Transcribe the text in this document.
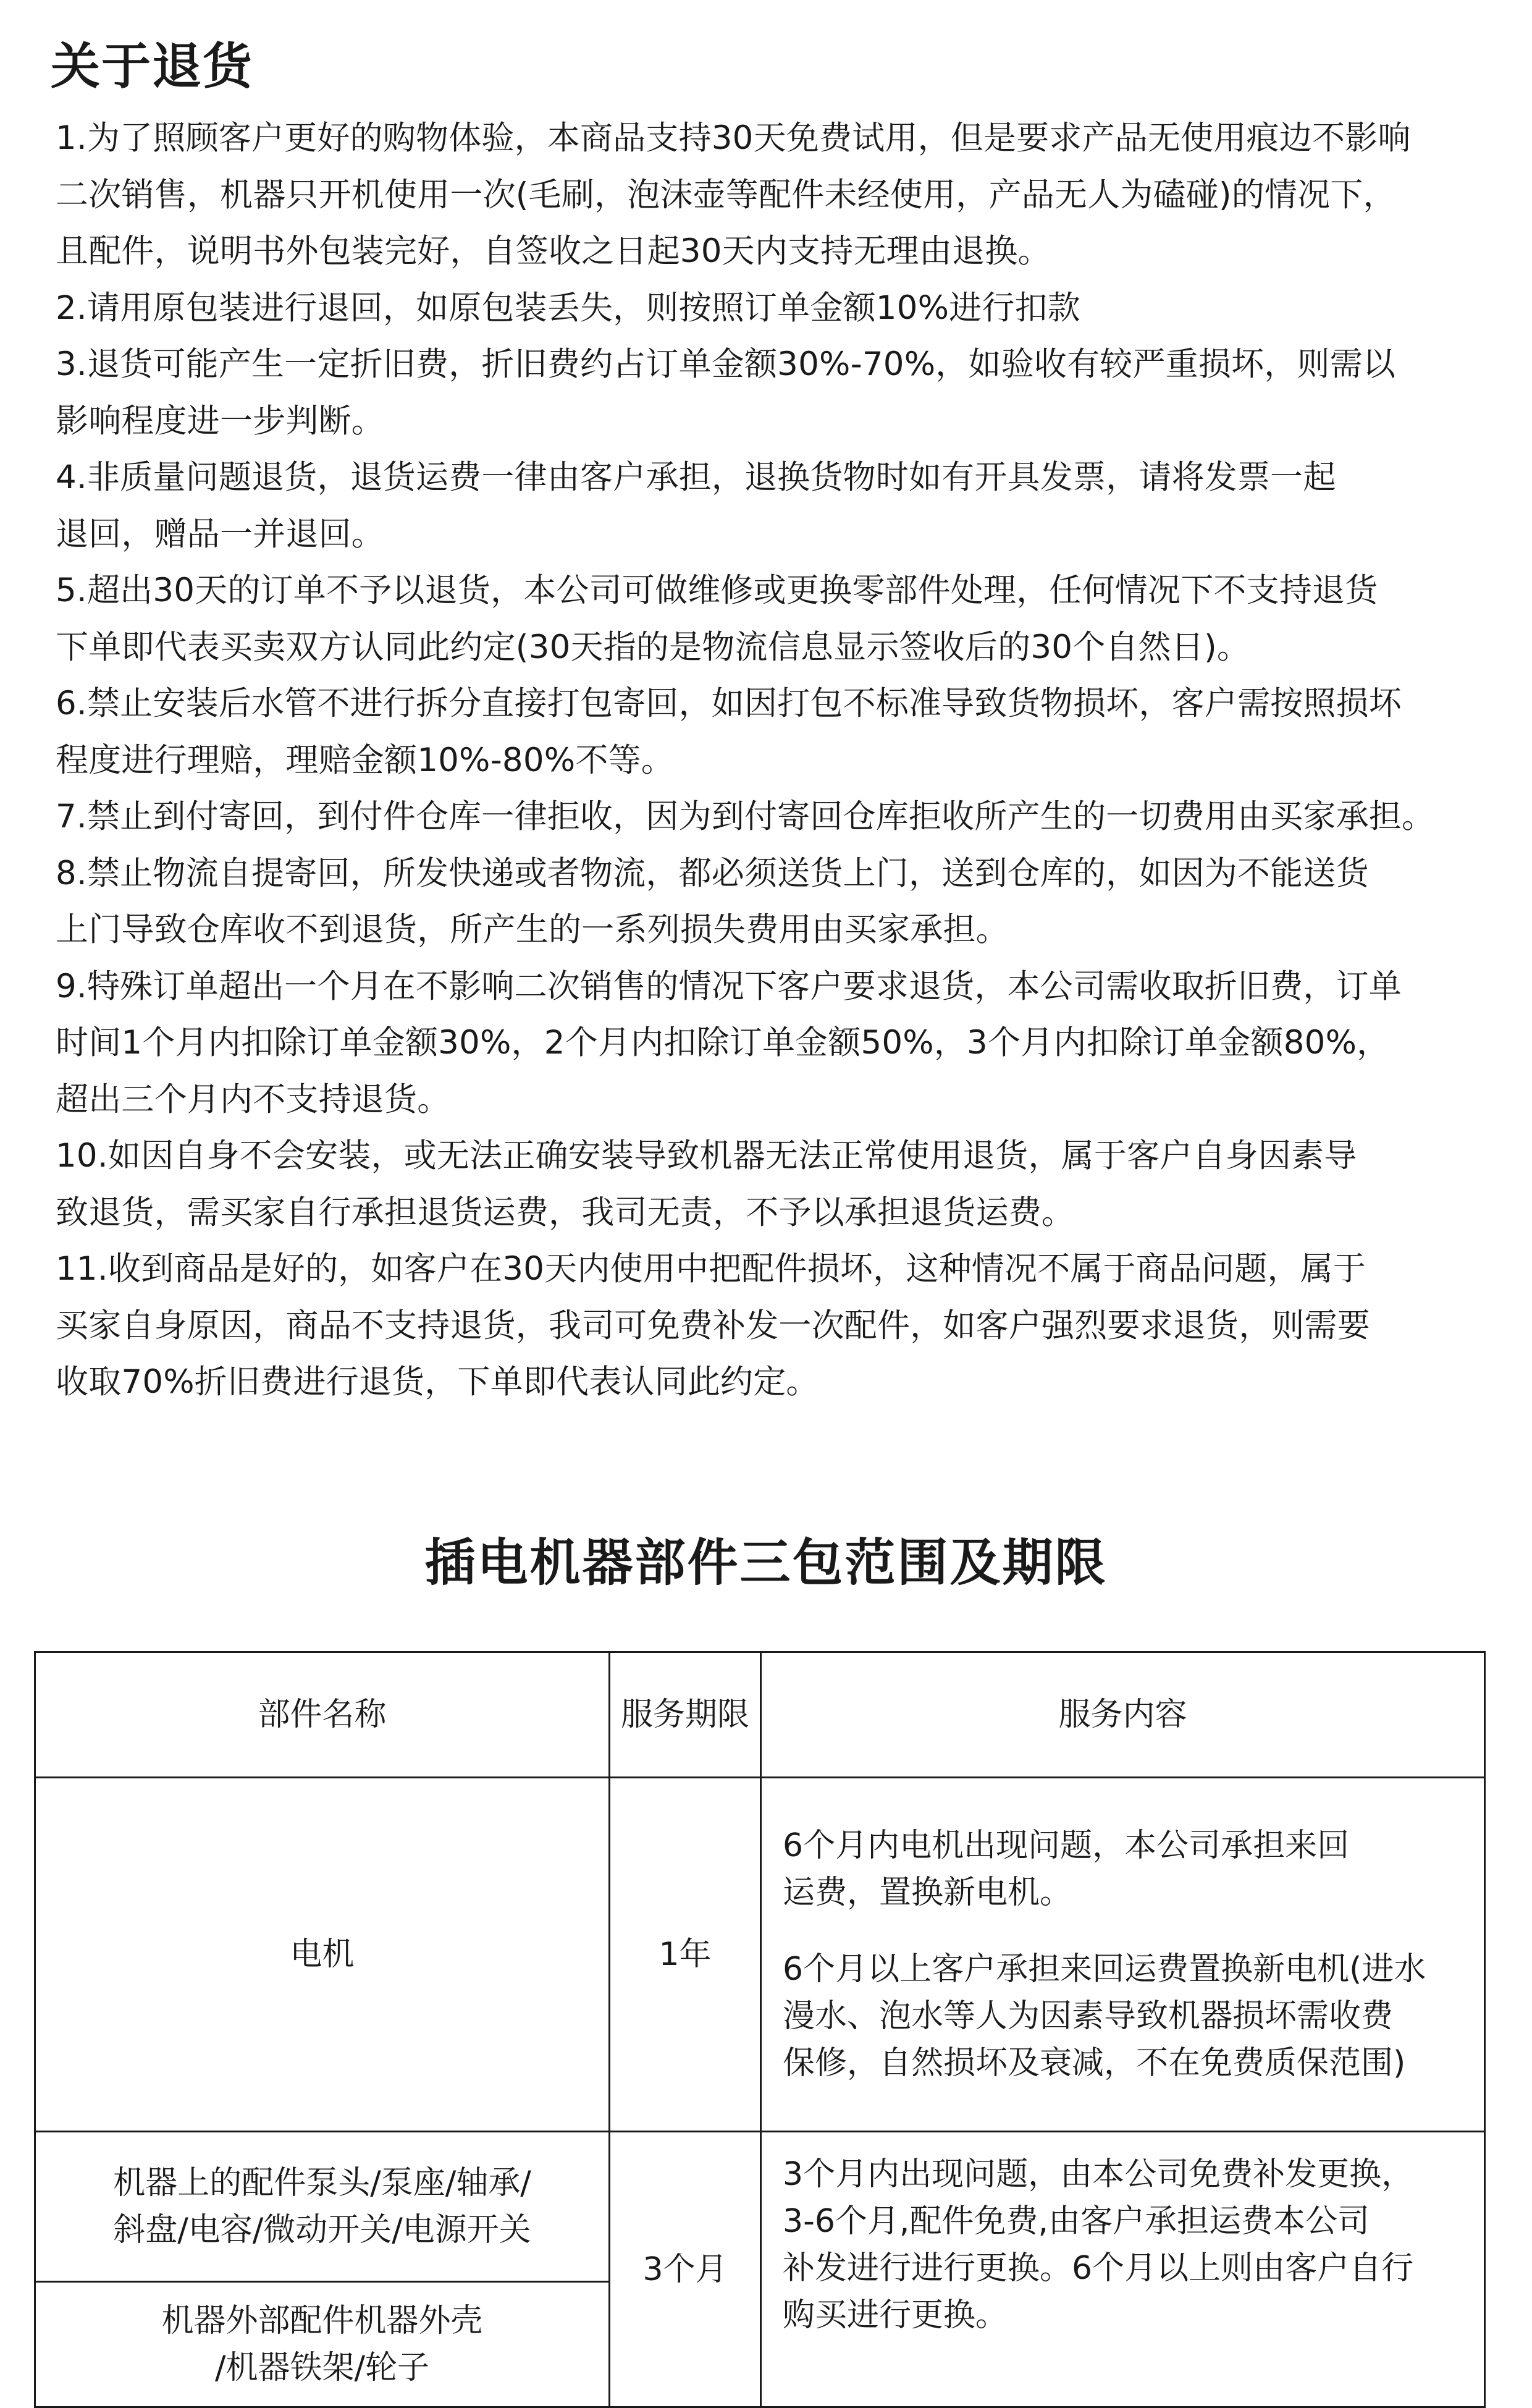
关于退货
1.为了照顾客户更好的购物体验，本商品支持30天免费试用，但是要求产品无使用痕边不影响
二次销售，机器只开机使用一次(毛刷，泡沫壶等配件未经使用，产品无人为磕碰)的情况下，
且配件，说明书外包装完好，自签收之日起30天内支持无理由退换。
2.请用原包装进行退回，如原包装丢失，则按照订单金额10%进行扣款
3.退货可能产生一定折旧费，折旧费约占订单金额30%-70%，如验收有较严重损坏，则需以
影响程度进一步判断。
4.非质量问题退货，退货运费一律由客户承担，退换货物时如有开具发票，请将发票一起
退回，赠品一并退回。
5.超出30天的订单不予以退货，本公司可做维修或更换零部件处理，任何情况下不支持退货
下单即代表买卖双方认同此约定(30天指的是物流信息显示签收后的30个自然日)。
6.禁止安装后水管不进行拆分直接打包寄回，如因打包不标准导致货物损坏，客户需按照损坏
程度进行理赔，理赔金额10%-80%不等。
7.禁止到付寄回，到付件仓库一律拒收，因为到付寄回仓库拒收所产生的一切费用由买家承担。
8.禁止物流自提寄回，所发快递或者物流，都必须送货上门，送到仓库的，如因为不能送货
上门导致仓库收不到退货，所产生的一系列损失费用由买家承担。
9.特殊订单超出一个月在不影响二次销售的情况下客户要求退货，本公司需收取折旧费，订单
时间1个月内扣除订单金额30%，2个月内扣除订单金额50%，3个月内扣除订单金额80%，
超出三个月内不支持退货。
10.如因自身不会安装，或无法正确安装导致机器无法正常使用退货，属于客户自身因素导
致退货，需买家自行承担退货运费，我司无责，不予以承担退货运费。
11.收到商品是好的，如客户在30天内使用中把配件损坏，这种情况不属于商品问题，属于
买家自身原因，商品不支持退货，我司可免费补发一次配件，如客户强烈要求退货，则需要
收取70%折旧费进行退货，下单即代表认同此约定。
插电机器部件三包范围及期限
部件名称	服务期限	服务内容
电机	1年	6个月内电机出现问题，本公司承担来回
运费，置换新电机。
6个月以上客户承担来回运费置换新电机(进水
漫水、泡水等人为因素导致机器损坏需收费
保修，自然损坏及衰减，不在免费质保范围)

机器上的配件泵头/泵座/轴承/
斜盘/电容/微动开关/电源开关	3个月	3个月内出现问题，由本公司免费补发更换，
3-6个月,配件免费,由客户承担运费本公司
补发进行进行更换。6个月以上则由客户自行
购买进行更换。

机器外部配件机器外壳
/机器铁架/轮子		
